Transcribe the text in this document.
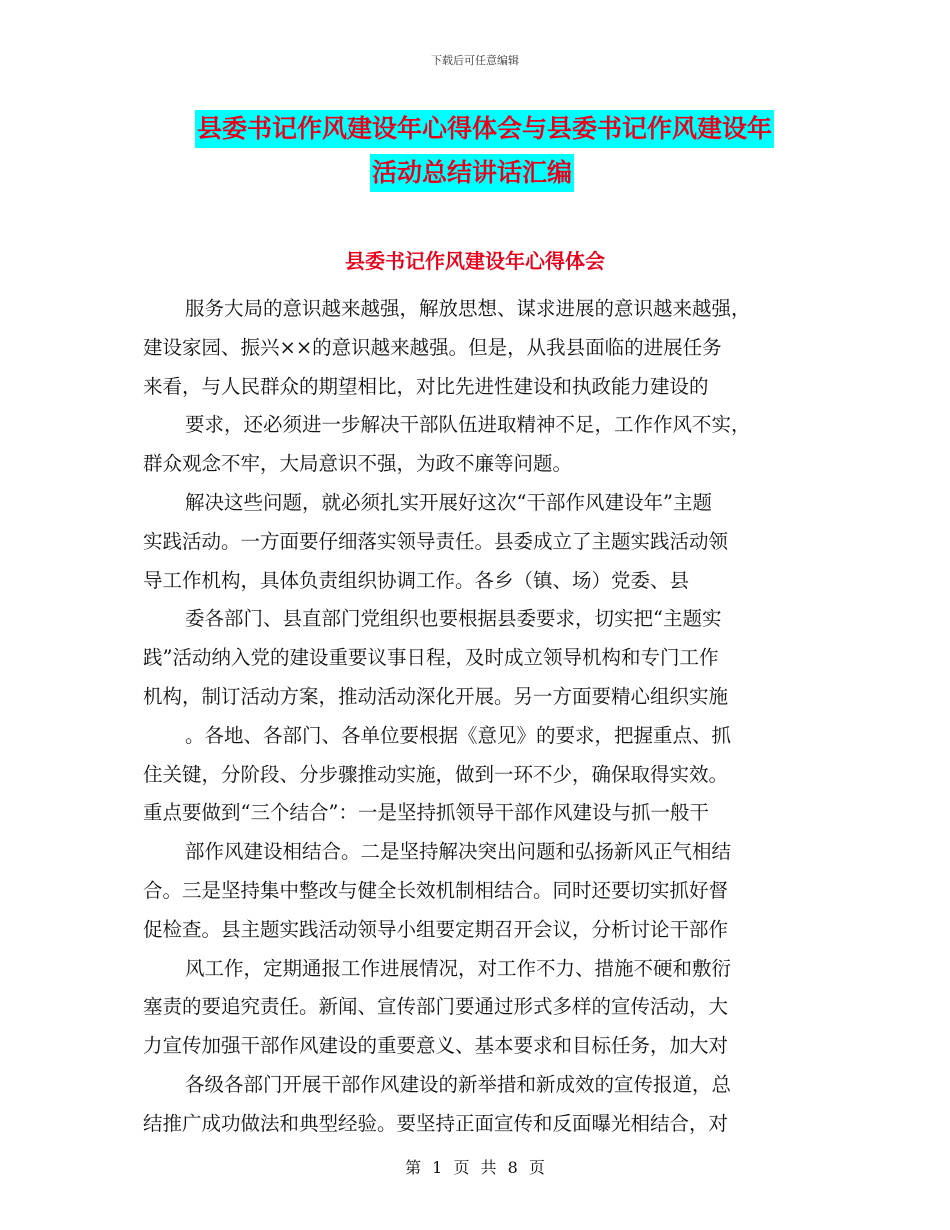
下载后可任意编辑
县委书记作风建设年心得体会与县委书记作风建设年
活动总结讲话汇编
县委书记作风建设年心得体会
服务大局的意识越来越强，解放思想、谋求进展的意识越来越强，
建设家园、振兴××的意识越来越强。但是，从我县面临的进展任务
来看，与人民群众的期望相比，对比先进性建设和执政能力建设的
要求，还必须进一步解决干部队伍进取精神不足，工作作风不实，
群众观念不牢，大局意识不强，为政不廉等问题。
解决这些问题，就必须扎实开展好这次“干部作风建设年”主题
实践活动。一方面要仔细落实领导责任。县委成立了主题实践活动领
导工作机构，具体负责组织协调工作。各乡（镇、场）党委、县
委各部门、县直部门党组织也要根据县委要求，切实把“主题实
践”活动纳入党的建设重要议事日程，及时成立领导机构和专门工作
机构，制订活动方案，推动活动深化开展。另一方面要精心组织实施
。各地、各部门、各单位要根据《意见》的要求，把握重点、抓
住关键，分阶段、分步骤推动实施，做到一环不少，确保取得实效。
重点要做到“三个结合”：一是坚持抓领导干部作风建设与抓一般干
部作风建设相结合。二是坚持解决突出问题和弘扬新风正气相结
合。三是坚持集中整改与健全长效机制相结合。同时还要切实抓好督
促检查。县主题实践活动领导小组要定期召开会议，分析讨论干部作
风工作，定期通报工作进展情况，对工作不力、措施不硬和敷衍
塞责的要追究责任。新闻、宣传部门要通过形式多样的宣传活动，大
力宣传加强干部作风建设的重要意义、基本要求和目标任务，加大对
各级各部门开展干部作风建设的新举措和新成效的宣传报道，总
结推广成功做法和典型经验。要坚持正面宣传和反面曝光相结合，对
第 1 页 共 8 页
